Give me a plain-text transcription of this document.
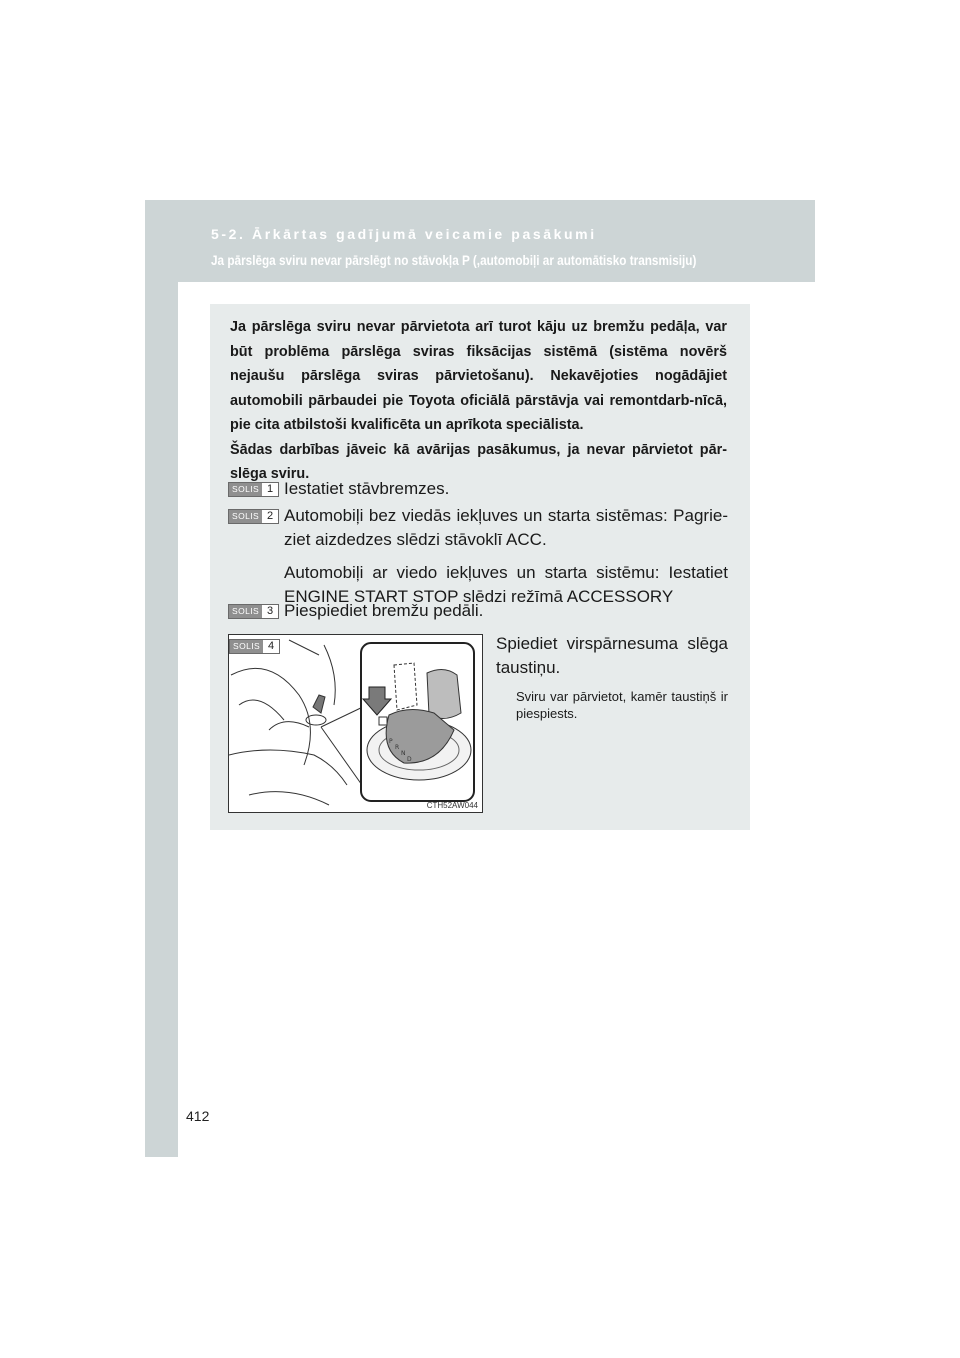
5-2. Ārkārtas gadījumā veicamie pasākumi
Ja pārslēga sviru nevar pārslēgt no stāvokļa P (,automobiļi ar automātisko transmisiju)

Ja pārslēga sviru nevar pārvietota arī turot kāju uz bremžu pedāļa, var būt problēma pārslēga sviras fiksācijas sistēmā (sistēma novērš nejaušu pārslēga sviras pārvietošanu). Nekavējoties nogādājiet automobili pārbaudei pie Toyota oficiālā pārstāvja vai remontdarb-nīcā, pie cita atbilstoši kvalificēta un aprīkota speciālista.
Šādas darbības jāveic kā avārijas pasākumus, ja nevar pārvietot pār-slēga sviru.

SOLIS 1 Iestatiet stāvbremzes.

SOLIS 2 Automobiļi bez viedās iekļuves un starta sistēmas: Pagrie-ziet aizdedzes slēdzi stāvoklī ACC.

Automobiļi ar viedo iekļuves un starta sistēmu: Iestatiet ENGINE START STOP slēdzi režīmā ACCESSORY

SOLIS 3 Piespiediet bremžu pedāli.

SOLIS 4
P
R
N
D
CTH52AW044

Spiediet virspārnesuma slēga taustiņu.

Sviru var pārvietot, kamēr taustiņš ir piespiests.

412
